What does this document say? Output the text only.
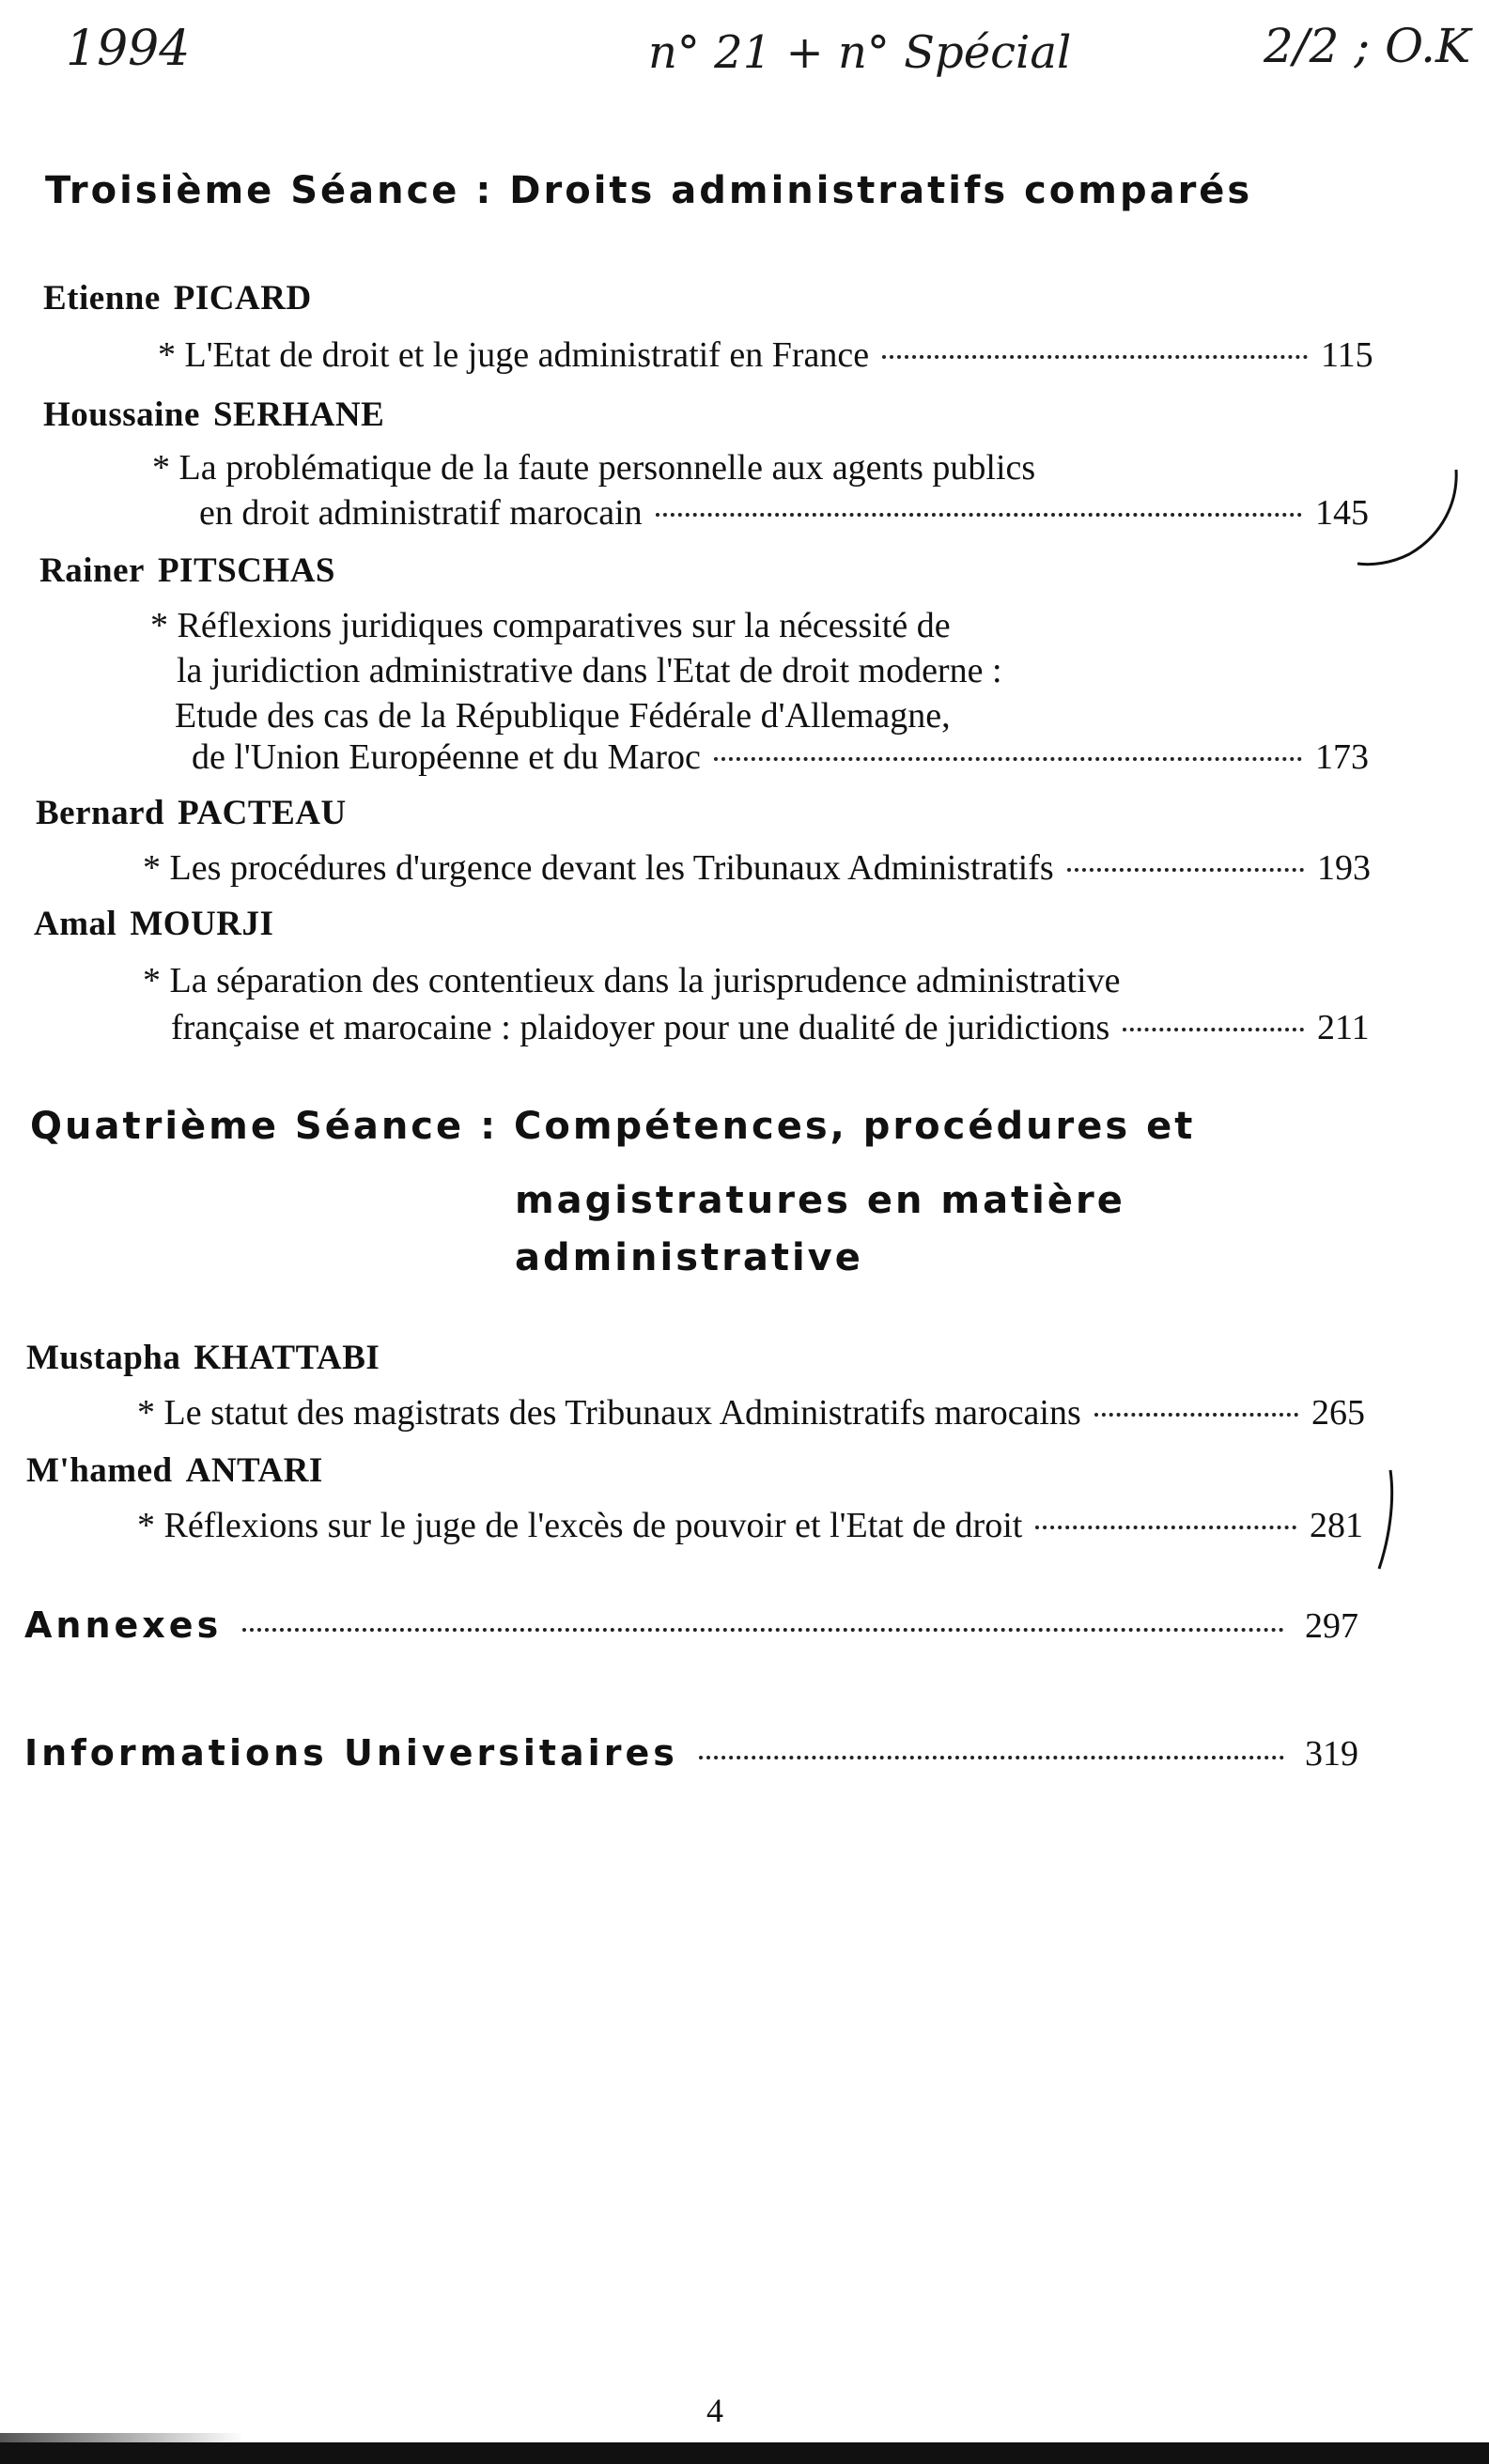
1994	n° 21 + n° Spécial	2/2 ; O.K
Troisième Séance : Droits administratifs comparés
Etienne PICARD
* L'Etat de droit et le juge administratif en France	115
Houssaine SERHANE
* La problématique de la faute personnelle aux agents publics
en droit administratif marocain	145
Rainer PITSCHAS
* Réflexions juridiques comparatives sur la nécessité de
la juridiction administrative dans l'Etat de droit moderne :
Etude des cas de la République Fédérale d'Allemagne,
de l'Union Européenne et du Maroc	173
Bernard PACTEAU
* Les procédures d'urgence devant les Tribunaux Administratifs	193
Amal MOURJI
* La séparation des contentieux dans la jurisprudence administrative
française et marocaine : plaidoyer pour une dualité de juridictions	211
Quatrième Séance : Compétences, procédures et
magistratures en matière
administrative
Mustapha KHATTABI
* Le statut des magistrats des Tribunaux Administratifs marocains	265
M'hamed ANTARI
* Réflexions sur le juge de l'excès de pouvoir et l'Etat de droit	281
Annexes	297
Informations Universitaires	319
4
